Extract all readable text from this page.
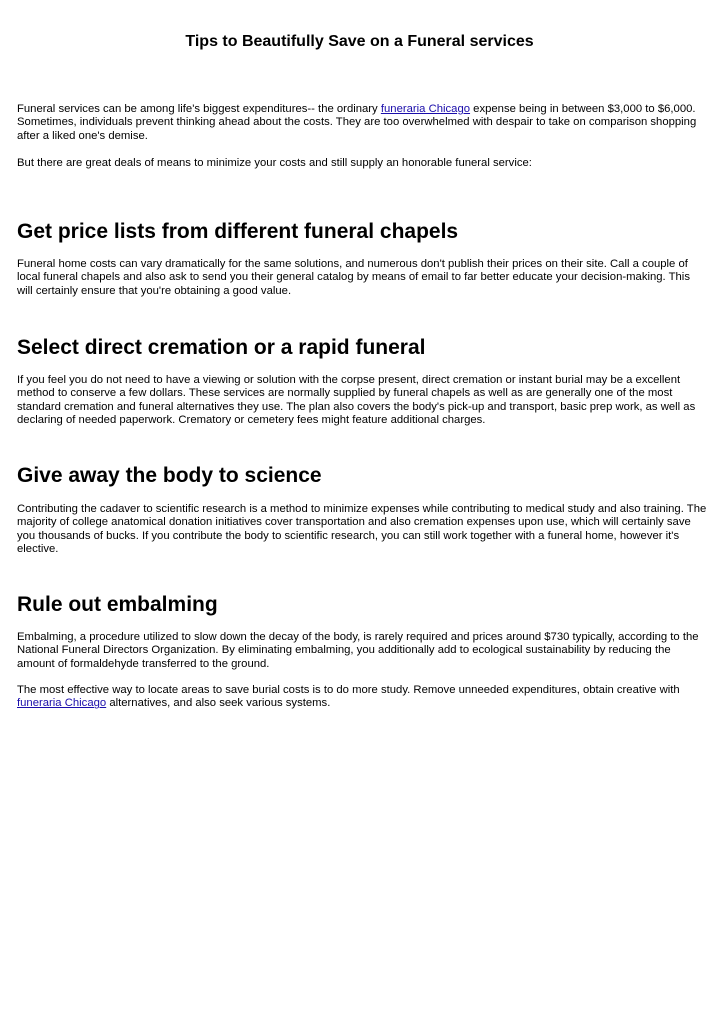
Tips to Beautifully Save on a Funeral services

Funeral services can be among life's biggest expenditures-- the ordinary funeraria Chicago expense being in between $3,000 to $6,000. Sometimes, individuals prevent thinking ahead about the costs. They are too overwhelmed with despair to take on comparison shopping after a liked one's demise.

But there are great deals of means to minimize your costs and still supply an honorable funeral service:

Get price lists from different funeral chapels

Funeral home costs can vary dramatically for the same solutions, and numerous don't publish their prices on their site. Call a couple of local funeral chapels and also ask to send you their general catalog by means of email to far better educate your decision-making. This will certainly ensure that you're obtaining a good value.

Select direct cremation or a rapid funeral

If you feel you do not need to have a viewing or solution with the corpse present, direct cremation or instant burial may be a excellent method to conserve a few dollars. These services are normally supplied by funeral chapels as well as are generally one of the most standard cremation and funeral alternatives they use. The plan also covers the body's pick-up and transport, basic prep work, as well as declaring of needed paperwork. Crematory or cemetery fees might feature additional charges.

Give away the body to science

Contributing the cadaver to scientific research is a method to minimize expenses while contributing to medical study and also training. The majority of college anatomical donation initiatives cover transportation and also cremation expenses upon use, which will certainly save you thousands of bucks. If you contribute the body to scientific research, you can still work together with a funeral home, however it's elective.

Rule out embalming

Embalming, a procedure utilized to slow down the decay of the body, is rarely required and prices around $730 typically, according to the National Funeral Directors Organization. By eliminating embalming, you additionally add to ecological sustainability by reducing the amount of formaldehyde transferred to the ground.

The most effective way to locate areas to save burial costs is to do more study. Remove unneeded expenditures, obtain creative with funeraria Chicago alternatives, and also seek various systems.
